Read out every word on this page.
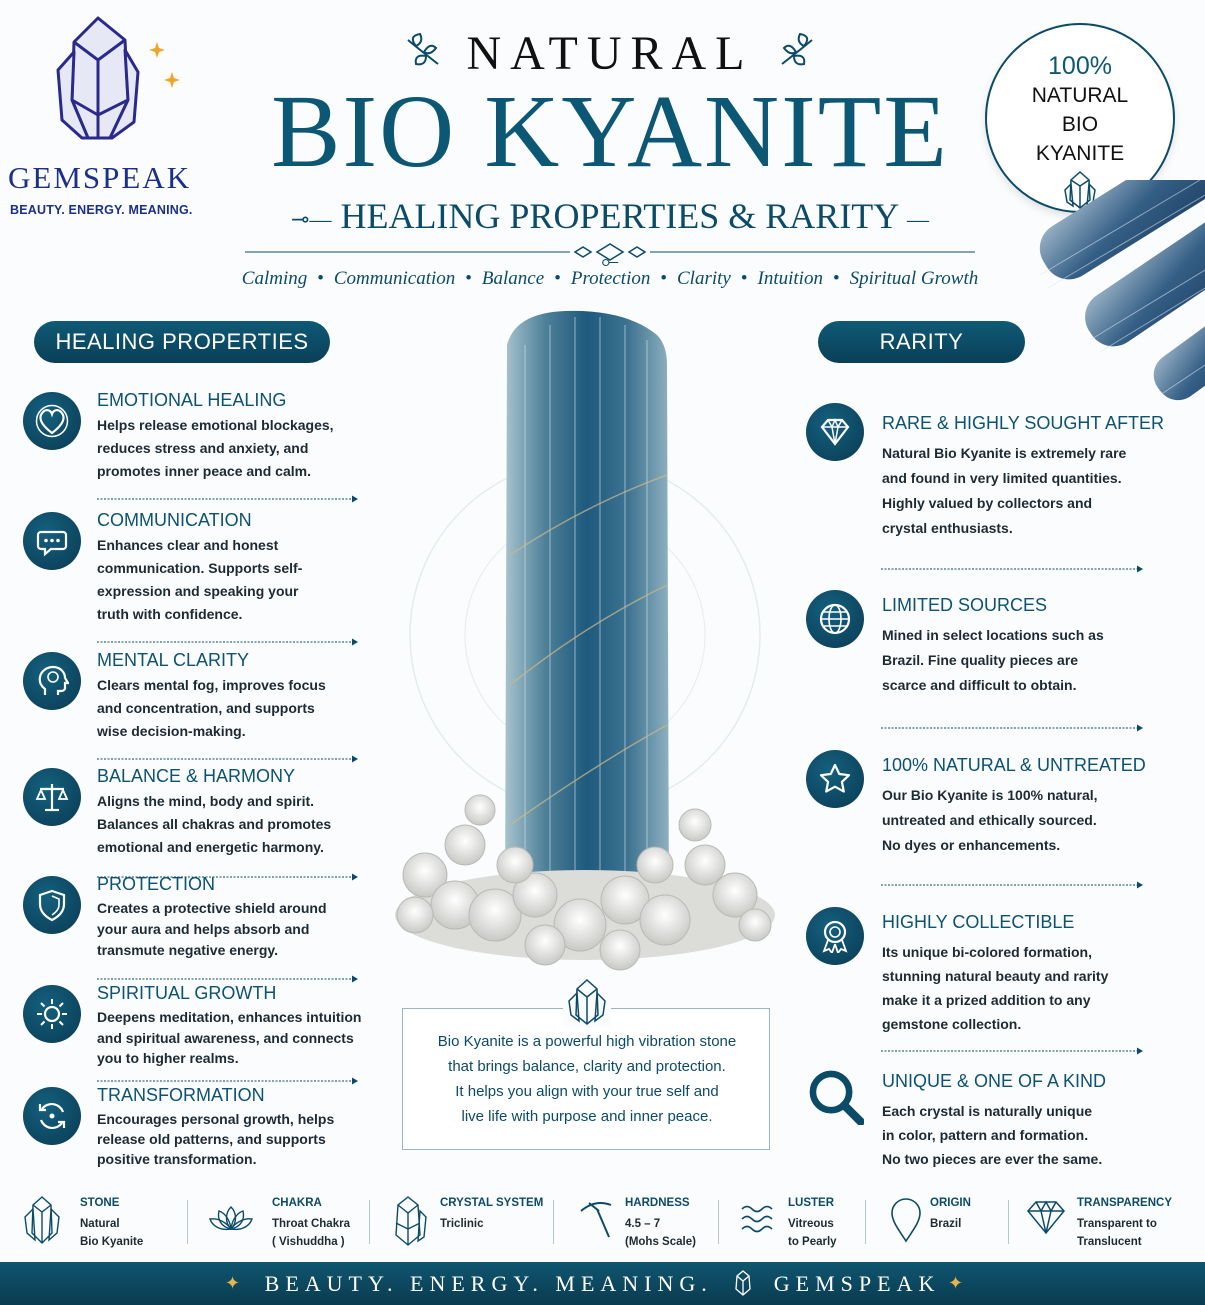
GEMSPEAK
BEAUTY. ENERGY. MEANING.
NATURAL
BIO KYANITE
⊸— HEALING PROPERTIES & RARITY —⟜
Calming • Communication • Balance • Protection • Clarity • Intuition • Spiritual Growth
100%
NATURAL
BIO
KYANITE
HEALING PROPERTIES	RARITY
EMOTIONAL HEALING

Helps release emotional blockages,
reduces stress and anxiety, and
promotes inner peace and calm.

COMMUNICATION

Enhances clear and honest
communication. Supports self-
expression and speaking your
truth with confidence.

MENTAL CLARITY

Clears mental fog, improves focus
and concentration, and supports
wise decision-making.

BALANCE & HARMONY

Aligns the mind, body and spirit.
Balances all chakras and promotes
emotional and energetic harmony.

PROTECTION

Creates a protective shield around
your aura and helps absorb and
transmute negative energy.

SPIRITUAL GROWTH

Deepens meditation, enhances intuition
and spiritual awareness, and connects
you to higher realms.

TRANSFORMATION

Encourages personal growth, helps
release old patterns, and supports
positive transformation.

RARE & HIGHLY SOUGHT AFTER

Natural Bio Kyanite is extremely rare
and found in very limited quantities.
Highly valued by collectors and
crystal enthusiasts.

LIMITED SOURCES

Mined in select locations such as
Brazil. Fine quality pieces are
scarce and difficult to obtain.

100% NATURAL & UNTREATED

Our Bio Kyanite is 100% natural,
untreated and ethically sourced.
No dyes or enhancements.

HIGHLY COLLECTIBLE

Its unique bi-colored formation,
stunning natural beauty and rarity
make it a prized addition to any
gemstone collection.

UNIQUE & ONE OF A KIND

Each crystal is naturally unique
in color, pattern and formation.
No two pieces are ever the same.

Bio Kyanite is a powerful high vibration stone
that brings balance, clarity and protection.
It helps you align with your true self and
live life with purpose and inner peace.

STONE
Natural
Bio Kyanite

CHAKRA
Throat Chakra
( Vishuddha )

CRYSTAL SYSTEM
Triclinic

HARDNESS
4.5 – 7
(Mohs Scale)

LUSTER
Vitreous
to Pearly

ORIGIN
Brazil

TRANSPARENCY
Transparent to
Translucent

✦ BEAUTY. ENERGY. MEANING.	GEMSPEAK ✦
